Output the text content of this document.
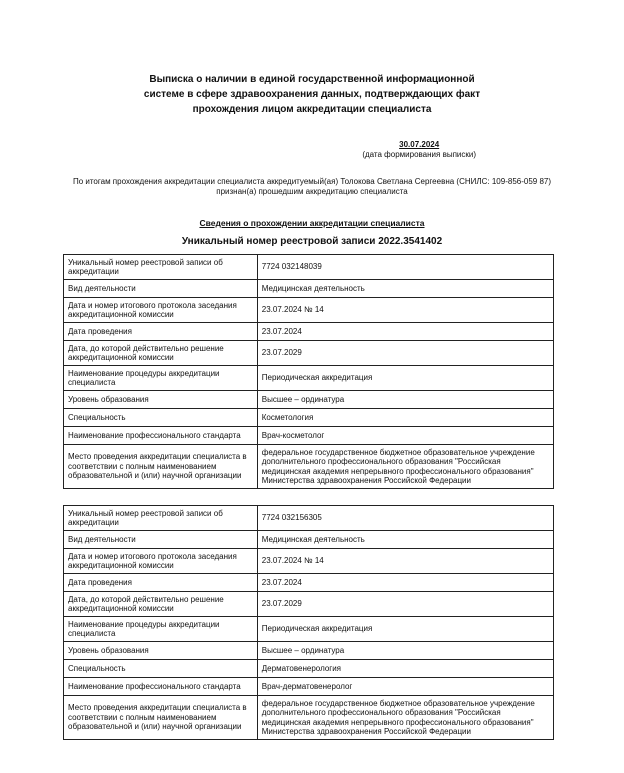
Выписка о наличии в единой государственной информационной
системе в сфере здравоохранения данных, подтверждающих факт
прохождения лицом аккредитации специалиста
30.07.2024
(дата формирования выписки)
По итогам прохождения аккредитации специалиста аккредитуемый(ая) Толокова Светлана Сергеевна (СНИЛС: 109-856-059 87)
признан(а) прошедшим аккредитацию специалиста
Сведения о прохождении аккредитации специалиста
Уникальный номер реестровой записи 2022.3541402
Уникальный номер реестровой записи об аккредитации	7724 032148039
Вид деятельности	Медицинская деятельность
Дата и номер итогового протокола заседания аккредитационной комиссии	23.07.2024 № 14
Дата проведения	23.07.2024
Дата, до которой действительно решение аккредитационной комиссии	23.07.2029
Наименование процедуры аккредитации специалиста	Периодическая аккредитация
Уровень образования	Высшее – ординатура
Специальность	Косметология
Наименование профессионального стандарта	Врач-косметолог
Место проведения аккредитации специалиста в соответствии с полным наименованием образовательной и (или) научной организации	федеральное государственное бюджетное образовательное учреждение дополнительного профессионального образования "Российская медицинская академия непрерывного профессионального образования" Министерства здравоохранения Российской Федерации
Уникальный номер реестровой записи об аккредитации	7724 032156305
Вид деятельности	Медицинская деятельность
Дата и номер итогового протокола заседания аккредитационной комиссии	23.07.2024 № 14
Дата проведения	23.07.2024
Дата, до которой действительно решение аккредитационной комиссии	23.07.2029
Наименование процедуры аккредитации специалиста	Периодическая аккредитация
Уровень образования	Высшее – ординатура
Специальность	Дерматовенерология
Наименование профессионального стандарта	Врач-дерматовенеролог
Место проведения аккредитации специалиста в соответствии с полным наименованием образовательной и (или) научной организации	федеральное государственное бюджетное образовательное учреждение дополнительного профессионального образования "Российская медицинская академия непрерывного профессионального образования" Министерства здравоохранения Российской Федерации
